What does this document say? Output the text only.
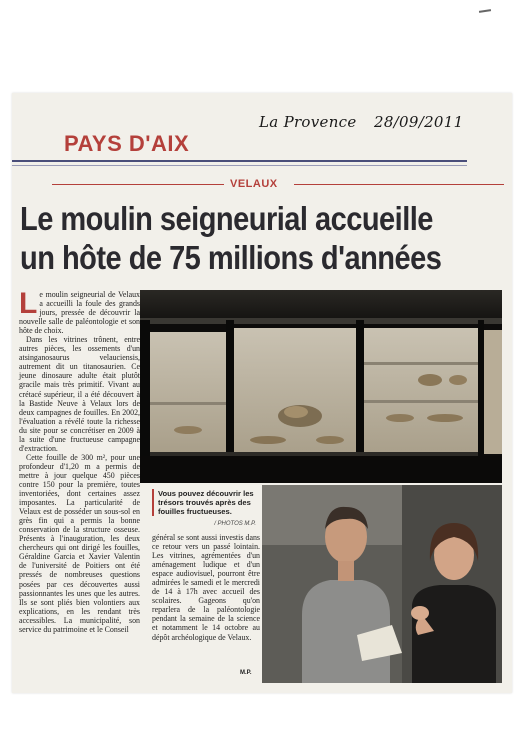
La Provence 28/09/2011
PAYS D'AIX
VELAUX
Le moulin seigneurial accueille
un hôte de 75 millions d'années

Le moulin seigneurial de Velaux a accueilli la foule des grands jours, pressée de découvrir la nouvelle salle de paléontologie et son hôte de choix.

Dans les vitrines trônent, entre autres pièces, les ossements d'un atsinganosaurus velauciensis, autrement dit un titanosaurien. Ce jeune dinosaure adulte était plutôt gracile mais très primitif. Vivant au crétacé supérieur, il a été découvert à la Bastide Neuve à Velaux lors de deux campagnes de fouilles. En 2002, l'évaluation a révélé toute la richesse du site pour se concrétiser en 2009 à la suite d'une fructueuse campagne d'extraction.

Cette fouille de 300 m², pour une profondeur d'1,20 m a permis de mettre à jour quelque 450 pièces contre 150 pour la première, toutes inventoriées, dont certaines assez imposantes. La particularité de Velaux est de posséder un sous-sol en grès fin qui a permis la bonne conservation de la structure osseuse. Présents à l'inauguration, les deux chercheurs qui ont dirigé les fouilles, Géraldine Garcia et Xavier Valentin de l'université de Poitiers ont été pressés de nombreuses questions posées par ces découvertes aussi passionnantes les unes que les autres. Ils se sont pliés bien volontiers aux explications, en les rendant très accessibles. La municipalité, son service du patrimoine et le Conseil

Vous pouvez découvrir les trésors trouvés après des fouilles fructueuses.
/ PHOTOS M.P.

général se sont aussi investis dans ce retour vers un passé lointain. Les vitrines, agrémentées d'un aménagement ludique et d'un espace audiovisuel, pourront être admirées le samedi et le mercredi de 14 à 17h avec accueil des scolaires. Gageons qu'on reparlera de la paléontologie pendant la semaine de la science et notamment le 14 octobre au dépôt archéologique de Velaux.

M.P.
